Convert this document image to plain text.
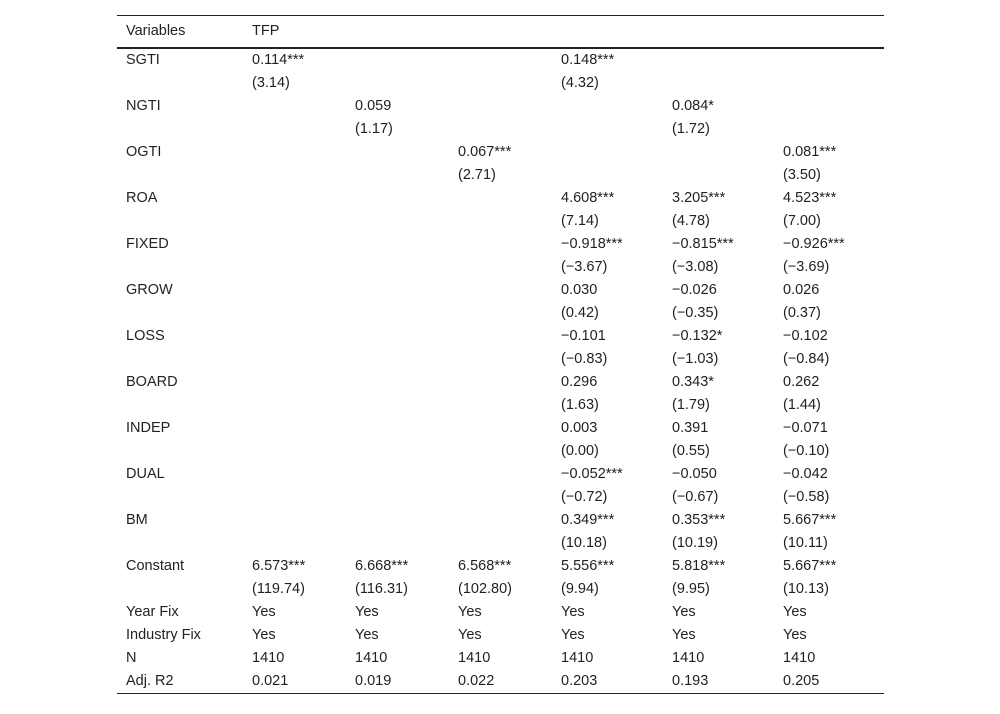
Variables	TFP					
SGTI	0.114***			0.148***		
	(3.14)			(4.32)		
NGTI		0.059			0.084*	
		(1.17)			(1.72)	
OGTI			0.067***			0.081***
			(2.71)			(3.50)
ROA				4.608***	3.205***	4.523***
				(7.14)	(4.78)	(7.00)
FIXED				−0.918***	−0.815***	−0.926***
				(−3.67)	(−3.08)	(−3.69)
GROW				0.030	−0.026	0.026
				(0.42)	(−0.35)	(0.37)
LOSS				−0.101	−0.132*	−0.102
				(−0.83)	(−1.03)	(−0.84)
BOARD				0.296	0.343*	0.262
				(1.63)	(1.79)	(1.44)
INDEP				0.003	0.391	−0.071
				(0.00)	(0.55)	(−0.10)
DUAL				−0.052***	−0.050	−0.042
				(−0.72)	(−0.67)	(−0.58)
BM				0.349***	0.353***	5.667***
				(10.18)	(10.19)	(10.11)
Constant	6.573***	6.668***	6.568***	5.556***	5.818***	5.667***
	(119.74)	(116.31)	(102.80)	(9.94)	(9.95)	(10.13)
Year Fix	Yes	Yes	Yes	Yes	Yes	Yes
Industry Fix	Yes	Yes	Yes	Yes	Yes	Yes
N	1410	1410	1410	1410	1410	1410
Adj. R2	0.021	0.019	0.022	0.203	0.193	0.205
